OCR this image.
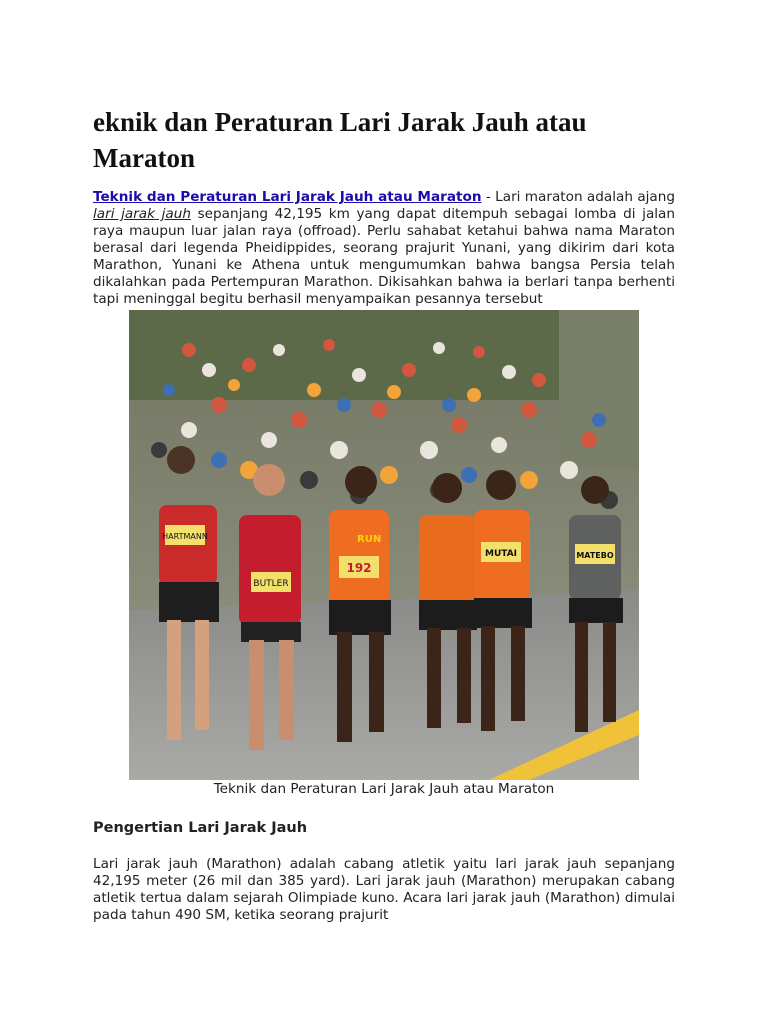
eknik dan Peraturan Lari Jarak Jauh atau Maraton

Teknik dan Peraturan Lari Jarak Jauh atau Maraton - Lari maraton adalah ajang lari jarak jauh sepanjang 42,195 km yang dapat ditempuh sebagai lomba di jalan raya maupun luar jalan raya (offroad). Perlu sahabat ketahui bahwa nama Maraton berasal dari legenda Pheidippides, seorang prajurit Yunani, yang dikirim dari kota Marathon, Yunani ke Athena untuk mengumumkan bahwa bangsa Persia telah dikalahkan pada Pertempuran Marathon. Dikisahkan bahwa ia berlari tanpa berhenti tapi meninggal begitu berhasil menyampaikan pesannya tersebut

HARTMANN
BUTLER
RUN
192
MUTAI	MATEBO
Teknik dan Peraturan Lari Jarak Jauh atau Maraton
Pengertian Lari Jarak Jauh

Lari jarak jauh (Marathon) adalah cabang atletik yaitu lari jarak jauh sepanjang 42,195 meter (26 mil dan 385 yard). Lari jarak jauh (Marathon) merupakan cabang atletik tertua dalam sejarah Olimpiade kuno. Acara lari jarak jauh (Marathon) dimulai pada tahun 490 SM, ketika seorang prajurit
